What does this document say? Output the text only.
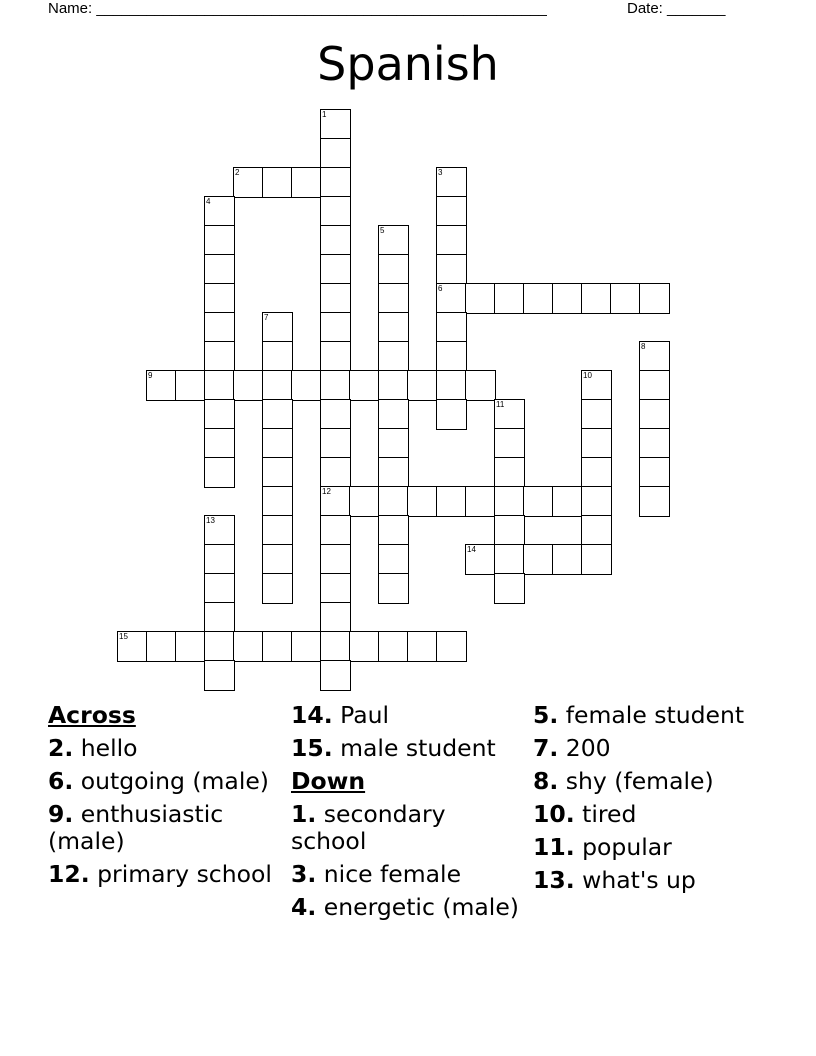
Name: ______________________________________________________	Date: _______
Spanish
1
2	3
4
5
6
7
8
9	10
11
12
13
14
15
Across
2. hello
6. outgoing (male)
9. enthusiastic (male)
12. primary school
14. Paul
15. male student
Down
1. secondary school
3. nice female
4. energetic (male)
5. female student
7. 200
8. shy (female)
10. tired
11. popular
13. what's up
